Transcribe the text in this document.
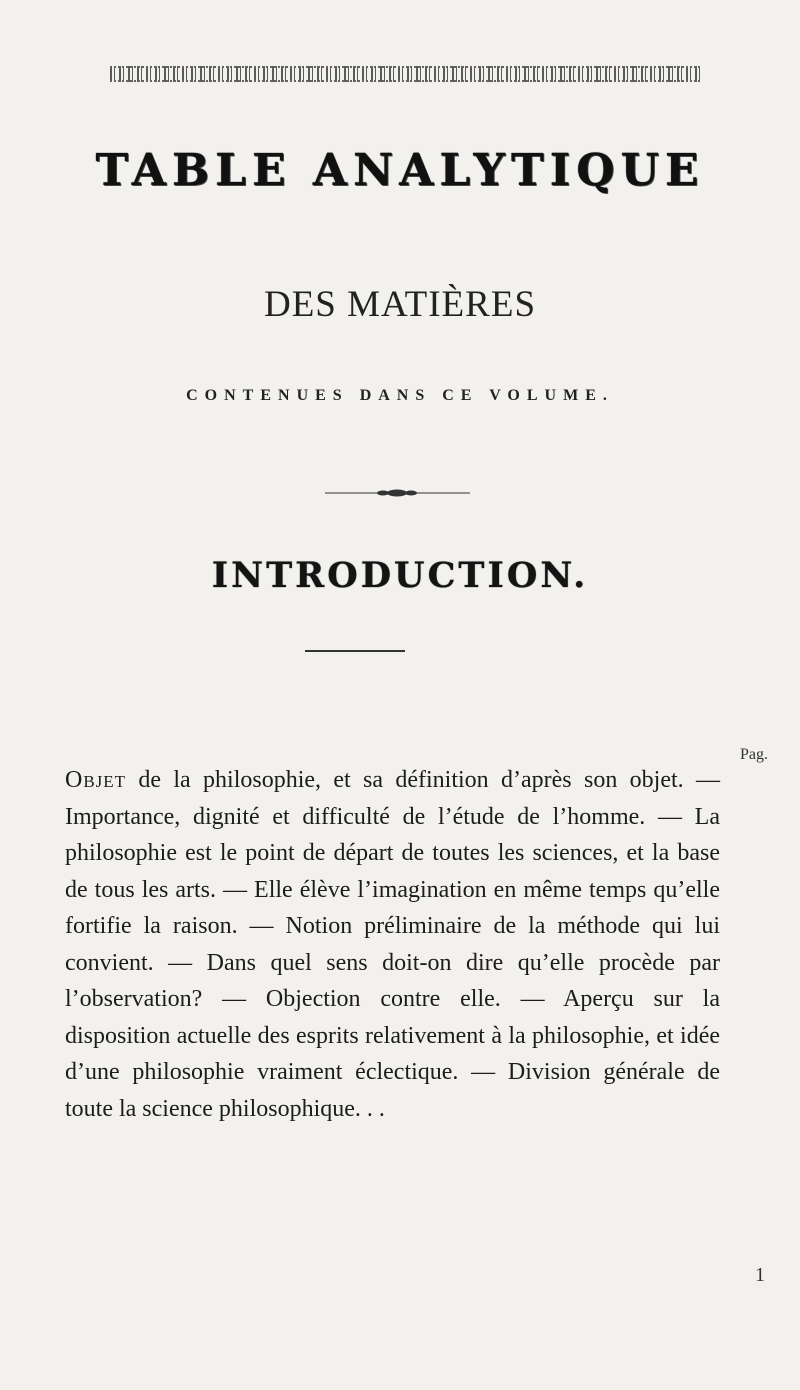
TABLE ANALYTIQUE
DES MATIÈRES
CONTENUES DANS CE VOLUME.
INTRODUCTION.
Pag.
Objet de la philosophie, et sa définition d’après son objet. — Importance, dignité et difficulté de l’étude de l’homme. — La philosophie est le point de départ de toutes les sciences, et la base de tous les arts. — Elle élève l’imagination en même temps qu’elle fortifie la raison. — Notion préliminaire de la méthode qui lui convient. — Dans quel sens doit-on dire qu’elle procède par l’observation? — Objection contre elle. — Aperçu sur la disposition actuelle des esprits relativement à la philosophie, et idée d’une philosophie vraiment éclectique. — Division générale de toute la science philosophique. . .
1
